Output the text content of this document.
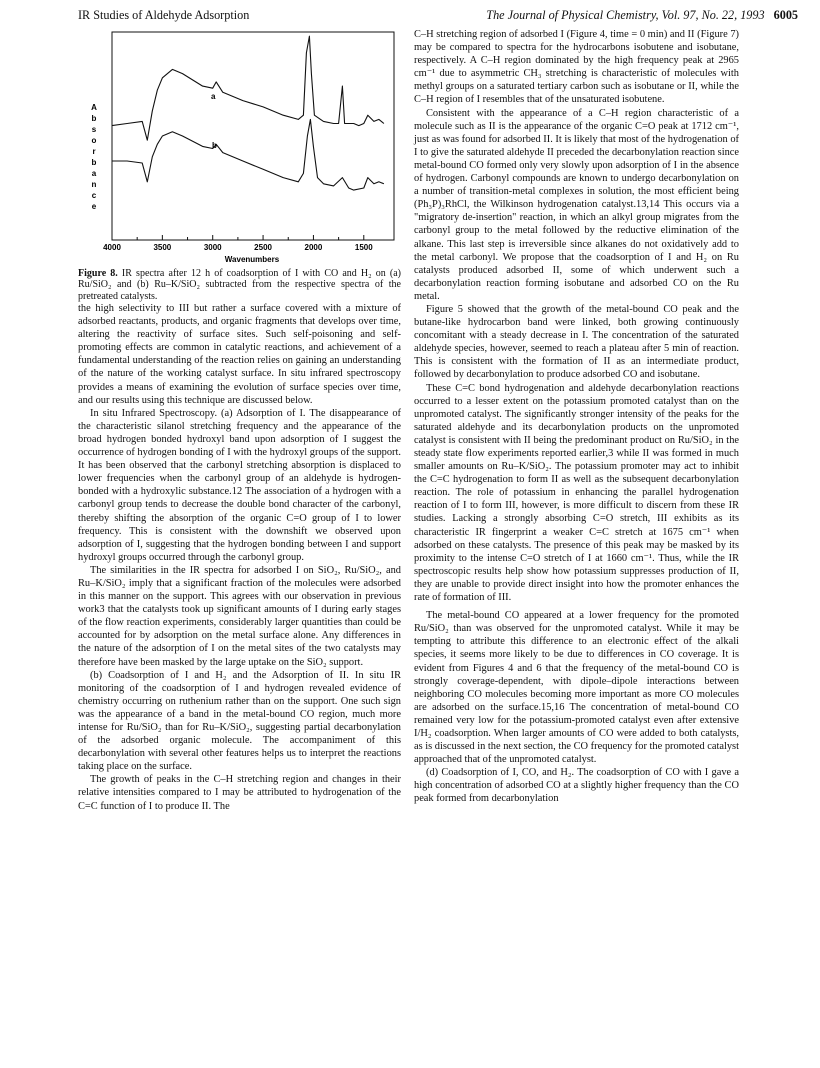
IR Studies of Aldehyde Adsorption	The Journal of Physical Chemistry, Vol. 97, No. 22, 1993 6005
A b s o r b a n c e
4000	3500	3000	2500	2000	1500
a
b
Wavenumbers
Figure 8. IR spectra after 12 h of coadsorption of I with CO and H₂ on (a) Ru/SiO₂ and (b) Ru–K/SiO₂ subtracted from the respective spectra of the pretreated catalysts.

the high selectivity to III but rather a surface covered with a mixture of adsorbed reactants, products, and organic fragments that develops over time, altering the reactivity of surface sites. Such self-poisoning and self-promoting effects are common in catalytic reactions, and achievement of a fundamental understanding of the reaction relies on gaining an understanding of the nature of the working catalyst surface. In situ infrared spectroscopy provides a means of examining the evolution of surface species over time, and our results using this technique are discussed below.

In situ Infrared Spectroscopy. (a) Adsorption of I. The disappearance of the characteristic silanol stretching frequency and the appearance of the broad hydrogen bonded hydroxyl band upon adsorption of I suggest the occurrence of hydrogen bonding of I with the hydroxyl groups of the support. It has been observed that the carbonyl stretching absorption is displaced to lower frequencies when the carbonyl group of an aldehyde is hydrogen-bonded with a hydroxylic substance.12 The association of a hydrogen with a carbonyl group tends to decrease the double bond character of the carbonyl, thereby shifting the absorption of the organic C=O group of I to lower frequency. This is consistent with the downshift we observed upon adsorption of I, suggesting that the hydrogen bonding between I and support hydroxyl groups occurred through the carbonyl group.

The similarities in the IR spectra for adsorbed I on SiO₂, Ru/SiO₂, and Ru–K/SiO₂ imply that a significant fraction of the molecules were adsorbed in this manner on the support. This agrees with our observation in previous work3 that the catalysts took up significant amounts of I during early stages of the flow reaction experiments, considerably larger quantities than could be accounted for by adsorption on the metal surface alone. Any differences in the nature of the adsorption of I on the metal sites of the two catalysts may therefore have been masked by the large uptake on the SiO₂ support.

(b) Coadsorption of I and H₂ and the Adsorption of II. In situ IR monitoring of the coadsorption of I and hydrogen revealed evidence of chemistry occurring on ruthenium rather than on the support. One such sign was the appearance of a band in the metal-bound CO region, much more intense for Ru/SiO₂ than for Ru–K/SiO₂, suggesting partial decarbonylation of the adsorbed organic molecule. The accompaniment of this decarbonylation with several other features helps us to interpret the reactions taking place on the surface.

The growth of peaks in the C–H stretching region and changes in their relative intensities compared to I may be attributed to hydrogenation of the C=C function of I to produce II. The

C–H stretching region of adsorbed I (Figure 4, time = 0 min) and II (Figure 7) may be compared to spectra for the hydrocarbons isobutene and isobutane, respectively. A C–H region dominated by the high frequency peak at 2965 cm⁻¹ due to asymmetric CH₃ stretching is characteristic of molecules with methyl groups on a saturated tertiary carbon such as isobutane or II, while the C–H region of I resembles that of the unsaturated isobutene.

Consistent with the appearance of a C–H region characteristic of a molecule such as II is the appearance of the organic C=O peak at 1712 cm⁻¹, just as was found for adsorbed II. It is likely that most of the hydrogenation of I to give the saturated aldehyde II preceded the decarbonylation reaction since metal-bound CO formed only very slowly upon adsorption of I in the absence of hydrogen. Carbonyl compounds are known to undergo decarbonylation on a number of transition-metal complexes in solution, the most efficient being (Ph₃P)₃RhCl, the Wilkinson hydrogenation catalyst.13,14 This occurs via a "migratory de-insertion" reaction, in which an alkyl group migrates from the carbonyl group to the metal followed by the reductive elimination of the alkane. This last step is irreversible since alkanes do not oxidatively add to the metal carbonyl. We propose that the coadsorption of I and H₂ on Ru catalysts produced adsorbed II, some of which underwent such a decarbonylation reaction forming isobutane and adsorbed CO on the Ru metal.

Figure 5 showed that the growth of the metal-bound CO peak and the butane-like hydrocarbon band were linked, both growing continuously concomitant with a steady decrease in I. The concentration of the saturated aldehyde species, however, seemed to reach a plateau after 5 min of reaction. This is consistent with the formation of II as an intermediate product, followed by decarbonylation to produce adsorbed CO and isobutane.

These C=C bond hydrogenation and aldehyde decarbonylation reactions occurred to a lesser extent on the potassium promoted catalyst than on the unpromoted catalyst. The significantly stronger intensity of the peaks for the saturated aldehyde and its decarbonylation products on the unpromoted catalyst is consistent with II being the predominant product on Ru/SiO₂ in the steady state flow experiments reported earlier,3 while II was formed in much smaller amounts on Ru–K/SiO₂. The potassium promoter may act to inhibit the C=C hydrogenation to form II as well as the subsequent decarbonylation reaction. The role of potassium in enhancing the parallel hydrogenation reaction of I to form III, however, is more difficult to discern from these IR studies. Lacking a strongly absorbing C=O stretch, III exhibits as its characteristic IR fingerprint a weaker C=C stretch at 1675 cm⁻¹ when adsorbed on these catalysts. The presence of this peak may be masked by its proximity to the intense C=O stretch of I at 1660 cm⁻¹. Thus, while the IR spectroscopic results help show how potassium suppresses production of II, they are unable to provide direct insight into how the promoter enhances the rate of formation of III.

The metal-bound CO appeared at a lower frequency for the promoted Ru/SiO₂ than was observed for the unpromoted catalyst. While it may be tempting to attribute this difference to an electronic effect of the alkali species, it seems more likely to be due to differences in CO coverage. It is evident from Figures 4 and 6 that the frequency of the metal-bound CO is strongly coverage-dependent, with dipole–dipole interactions between neighboring CO molecules becoming more important as more CO molecules are adsorbed on the surface.15,16 The concentration of metal-bound CO remained very low for the potassium-promoted catalyst even after extensive I/H₂ coadsorption. When larger amounts of CO were added to both catalysts, as is discussed in the next section, the CO frequency for the promoted catalyst approached that of the unpromoted catalyst.

(d) Coadsorption of I, CO, and H₂. The coadsorption of CO with I gave a high concentration of adsorbed CO at a slightly higher frequency than the CO peak formed from decarbonylation
